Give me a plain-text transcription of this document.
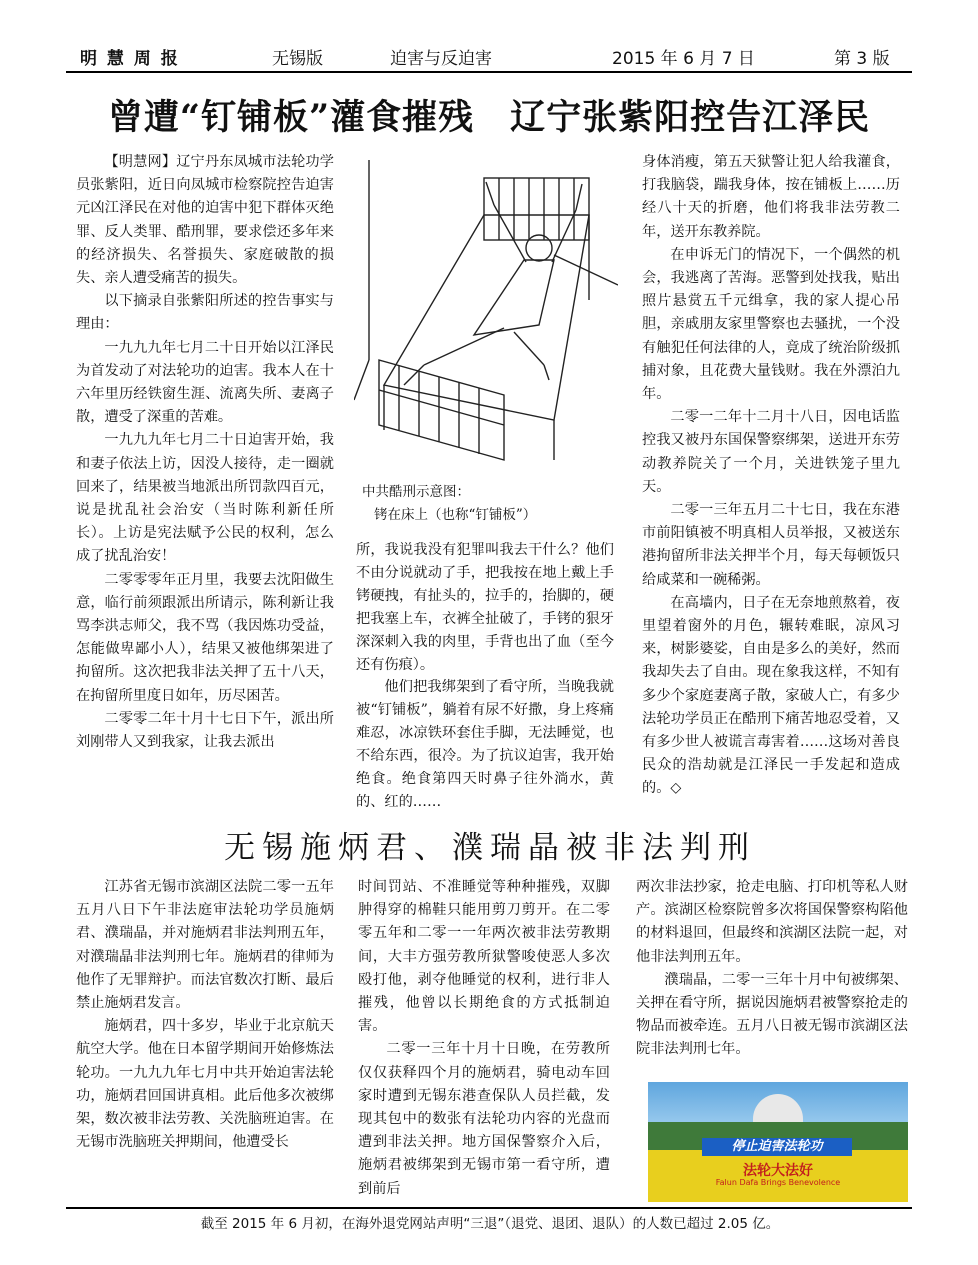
明 慧 周 报	无锡版	迫害与反迫害	2015 年 6 月 7 日	第 3 版
曾遭“钉铺板”灌食摧残　辽宁张紫阳控告江泽民

【明慧网】辽宁丹东凤城市法轮功学员张紫阳，近日向凤城市检察院控告迫害元凶江泽民在对他的迫害中犯下群体灭绝罪、反人类罪、酷刑罪，要求偿还多年来的经济损失、名誉损失、家庭破散的损失、亲人遭受痛苦的损失。

以下摘录自张紫阳所述的控告事实与理由：

一九九九年七月二十日开始以江泽民为首发动了对法轮功的迫害。我本人在十六年里历经铁窗生涯、流离失所、妻离子散，遭受了深重的苦难。

一九九九年七月二十日迫害开始，我和妻子依法上访，因没人接待，走一圈就回来了，结果被当地派出所罚款四百元，说是扰乱社会治安（当时陈利新任所长）。上访是宪法赋予公民的权利，怎么成了扰乱治安！

二零零零年正月里，我要去沈阳做生意，临行前须跟派出所请示，陈利新让我骂李洪志师父，我不骂（我因炼功受益，怎能做卑鄙小人），结果又被他绑架进了拘留所。这次把我非法关押了五十八天，在拘留所里度日如年，历尽困苦。

二零零二年十月十七日下午，派出所刘刚带人又到我家，让我去派出

中共酷刑示意图：
铐在床上（也称“钉铺板”）

所，我说我没有犯罪叫我去干什么？他们不由分说就动了手，把我按在地上戴上手铐硬拽，有扯头的，拉手的，抬脚的，硬把我塞上车，衣裤全扯破了，手铐的狠牙深深刺入我的肉里，手背也出了血（至今还有伤痕）。

他们把我绑架到了看守所，当晚我就被“钉铺板”，躺着有尿不好撒，身上疼痛难忍，冰凉铁环套住手脚，无法睡觉，也不给东西，很冷。为了抗议迫害，我开始绝食。绝食第四天时鼻子往外淌水，黄的、红的……

身体消瘦，第五天狱警让犯人给我灌食，打我脑袋，踹我身体，按在铺板上……历经八十天的折磨，他们将我非法劳教二年，送开东教养院。

在申诉无门的情况下，一个偶然的机会，我逃离了苦海。恶警到处找我，贴出照片悬赏五千元缉拿，我的家人提心吊胆，亲戚朋友家里警察也去骚扰，一个没有触犯任何法律的人，竟成了统治阶级抓捕对象，且花费大量钱财。我在外漂泊九年。

二零一二年十二月十八日，因电话监控我又被丹东国保警察绑架，送进开东劳动教养院关了一个月，关进铁笼子里九天。

二零一三年五月二十七日，我在东港市前阳镇被不明真相人员举报，又被送东港拘留所非法关押半个月，每天每顿饭只给咸菜和一碗稀粥。

在高墙内，日子在无奈地煎熬着，夜里望着窗外的月色，辗转难眠，凉风习来，树影婆娑，自由是多么的美好，然而我却失去了自由。现在象我这样，不知有多少个家庭妻离子散，家破人亡，有多少法轮功学员正在酷刑下痛苦地忍受着，又有多少世人被谎言毒害着……这场对善良民众的浩劫就是江泽民一手发起和造成的。◇

无锡施炳君、濮瑞晶被非法判刑

江苏省无锡市滨湖区法院二零一五年五月八日下午非法庭审法轮功学员施炳君、濮瑞晶，并对施炳君非法判刑五年，对濮瑞晶非法判刑七年。施炳君的律师为他作了无罪辩护。而法官数次打断、最后禁止施炳君发言。

施炳君，四十多岁，毕业于北京航天航空大学。他在日本留学期间开始修炼法轮功。一九九九年七月中共开始迫害法轮功，施炳君回国讲真相。此后他多次被绑架，数次被非法劳教、关洗脑班迫害。在无锡市洗脑班关押期间，他遭受长

时间罚站、不准睡觉等种种摧残，双脚肿得穿的棉鞋只能用剪刀剪开。在二零零五年和二零一一年两次被非法劳教期间，大丰方强劳教所狱警唆使恶人多次殴打他，剥夺他睡觉的权利，进行非人摧残，他曾以长期绝食的方式抵制迫害。

二零一三年十月十日晚，在劳教所仅仅获释四个月的施炳君，骑电动车回家时遭到无锡东港查保队人员拦截，发现其包中的数张有法轮功内容的光盘而遭到非法关押。地方国保警察介入后，施炳君被绑架到无锡市第一看守所，遭到前后

两次非法抄家，抢走电脑、打印机等私人财产。滨湖区检察院曾多次将国保警察构陷他的材料退回，但最终和滨湖区法院一起，对他非法判刑五年。

濮瑞晶，二零一三年十月中旬被绑架、关押在看守所，据说因施炳君被警察抢走的物品而被牵连。五月八日被无锡市滨湖区法院非法判刑七年。

停止迫害法轮功
法轮大法好
Falun Dafa Brings Benevolence
截至 2015 年 6 月初，在海外退党网站声明“三退”（退党、退团、退队）的人数已超过 2.05 亿。
